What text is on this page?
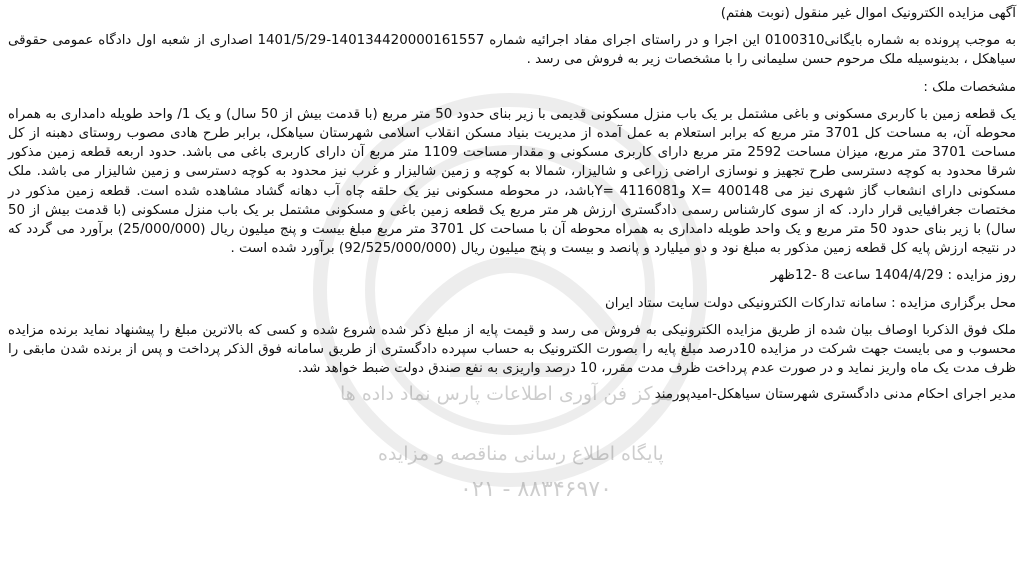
مرکز فن آوری اطلاعات پارس نماد داده ها
پایگاه اطلاع رسانی مناقصه و مزایده
۰۲۱ - ۸۸۳۴۶۹۷۰

آگهی مزایده الکترونیک اموال غیر منقول (نوبت هفتم)

به موجب پرونده به شماره بایگانی0100310 این اجرا و در راستای اجرای مفاد اجرائیه شماره 140134420000161557-1401/5/29 اصداری از شعبه اول دادگاه عمومی حقوقی سیاهکل ، بدینوسیله ملک مرحوم حسن سلیمانی را با مشخصات زیر به فروش می رسد .

مشخصات ملک :

یک قطعه زمین با کاربری مسکونی و باغی مشتمل بر یک باب منزل مسکونی قدیمی با زیر بنای حدود 50 متر مربع (با قدمت بیش از 50 سال) و یک 1/ واحد طویله دامداری به همراه محوطه آن، به مساحت کل 3701 متر مربع که برابر استعلام به عمل آمده از مدیریت بنیاد مسکن انقلاب اسلامی شهرستان سیاهکل، برابر طرح هادی مصوب روستای دهبنه از کل مساحت 3701 متر مربع، میزان مساحت 2592 متر مربع دارای کاربری مسکونی و مقدار مساحت 1109 متر مربع آن دارای کاربری باغی می باشد. حدود اربعه قطعه زمین مذکور شرقا محدود به کوچه دسترسی طرح تجهیز و نوسازی اراضی زراعی و شالیزار، شمالا به کوچه و زمین شالیزار و غرب نیز محدود به کوچه دسترسی و زمین شالیزار می باشد. ملک مسکونی دارای انشعاب گاز شهری نیز می X= 400148 وY= 4116081باشد، در محوطه مسکونی نیز یک حلقه چاه آب دهانه گشاد مشاهده شده است. قطعه زمین مذکور در مختصات جغرافیایی قرار دارد. که از سوی کارشناس رسمی دادگستری ارزش هر متر مربع یک قطعه زمین باغی و مسکونی مشتمل بر یک باب منزل مسکونی (با قدمت بیش از 50 سال) با زیر بنای حدود 50 متر مربع و یک واحد طویله دامداری به همراه محوطه آن با مساحت کل 3701 متر مربع مبلغ بیست و پنج میلیون ریال (25/000/000) برآورد می گردد که در نتیجه ارزش پایه کل قطعه زمین مذکور به مبلغ نود و دو میلیارد و پانصد و بیست و پنج میلیون ریال (92/525/000/000) برآورد شده است .

روز مزایده : 1404/4/29 ساعت 8 -12ظهر

محل برگزاری مزایده : سامانه تدارکات الکترونیکی دولت سایت ستاد ایران

ملک فوق الذکربا اوصاف بیان شده از طریق مزایده الکترونیکی به فروش می رسد و قیمت پایه از مبلغ ذکر شده شروع شده و کسی که بالاترین مبلغ را پیشنهاد نماید برنده مزایده محسوب و می بایست جهت شرکت در مزایده 10درصد مبلغ پایه را بصورت الکترونیک به حساب سپرده دادگستری از طریق سامانه فوق الذکر پرداخت و پس از برنده شدن مابقی را ظرف مدت یک ماه واریز نماید و در صورت عدم پرداخت ظرف مدت مقرر، 10 درصد واریزی به نفع صندق دولت ضبط خواهد شد.

مدیر اجرای احکام مدنی دادگستری شهرستان سیاهکل-امیدپورمند
